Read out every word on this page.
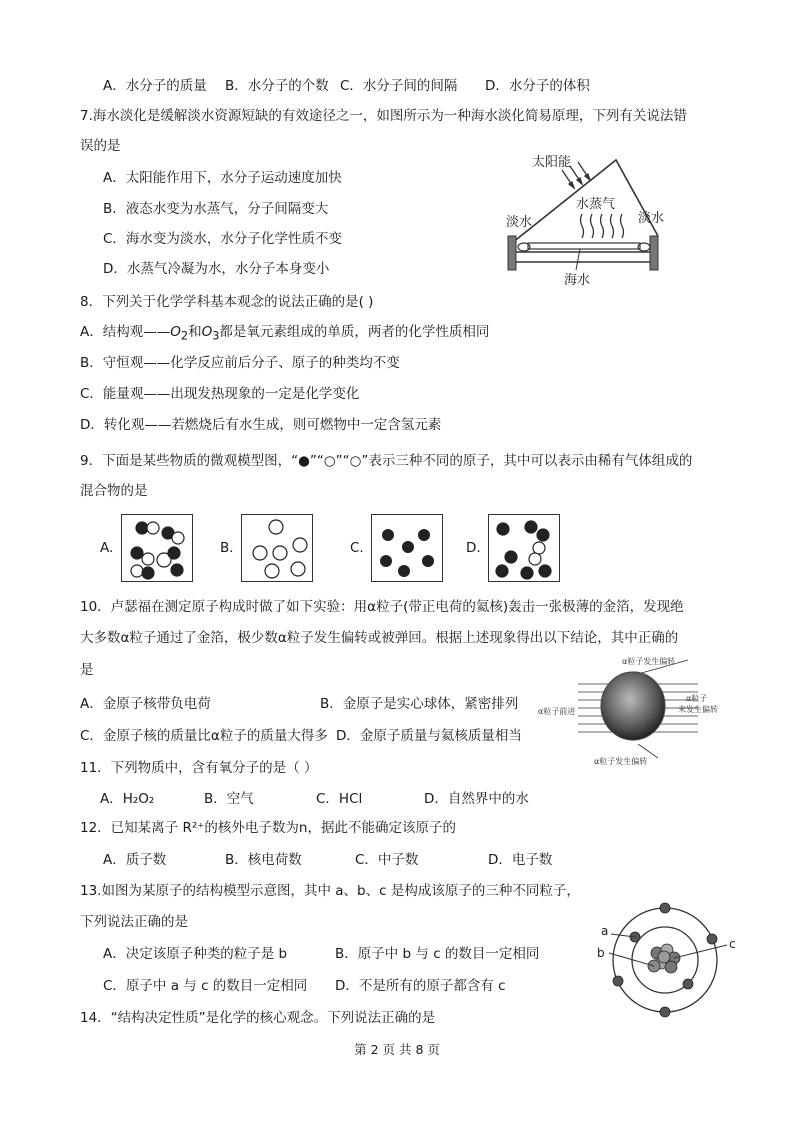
A．水分子的质量 B．水分子的个数 C．水分子间的间隔 D．水分子的体积
7.海水淡化是缓解淡水资源短缺的有效途径之一，如图所示为一种海水淡化简易原理，下列有关说法错
误的是
A．太阳能作用下，水分子运动速度加快
B．液态水变为水蒸气，分子间隔变大
C．海水变为淡水，水分子化学性质不变
D．水蒸气冷凝为水，水分子本身变小
太阳能
水蒸气
淡水	淡水
海水
8．下列关于化学学科基本观念的说法正确的是( )
A．结构观$——O_2$和$O_3$都是氧元素组成的单质，两者的化学性质相同
B．守恒观——化学反应前后分子、原子的种类均不变
C．能量观——出现发热现象的一定是化学变化
D．转化观——若燃烧后有水生成，则可燃物中一定含氢元素
9．下面是某些物质的微观模型图，“●”“○”“○”表示三种不同的原子，其中可以表示由稀有气体组成的
混合物的是
A.	B.	C.	D.
10．卢瑟福在测定原子构成时做了如下实验：用α粒子(带正电荷的氦核)轰击一张极薄的金箔，发现绝
大多数α粒子通过了金箔，极少数α粒子发生偏转或被弹回。根据上述现象得出以下结论，其中正确的
是
A．金原子核带负电荷	B．金原子是实心球体，紧密排列
C．金原子核的质量比α粒子的质量大得多 D．金原子质量与氦核质量相当
α粒子发生偏转
α粒子前进
α粒子
未发生偏转
α粒子发生偏转
11．下列物质中，含有氧分子的是（ ）
A．H₂O₂	B．空气	C．HCl	D．自然界中的水
12．已知某离子 R²⁺的核外电子数为n，据此不能确定该原子的
A．质子数	B．核电荷数	C．中子数	D．电子数
13.如图为某原子的结构模型示意图，其中 a、b、c 是构成该原子的三种不同粒子，
下列说法正确的是
A．决定该原子种类的粒子是 b	B．原子中 b 与 c 的数目一定相同
C．原子中 a 与 c 的数目一定相同 D．不是所有的原子都含有 c
a
b
c
14．“结构决定性质”是化学的核心观念。下列说法正确的是
第 2 页 共 8 页
